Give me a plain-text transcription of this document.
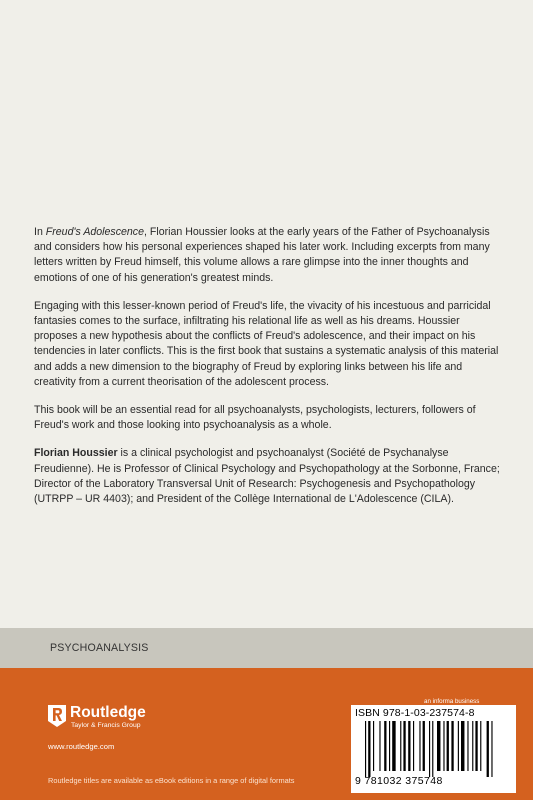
In Freud's Adolescence, Florian Houssier looks at the early years of the Father of Psychoanalysis and considers how his personal experiences shaped his later work. Including excerpts from many letters written by Freud himself, this volume allows a rare glimpse into the inner thoughts and emotions of one of his generation's greatest minds.

Engaging with this lesser-known period of Freud's life, the vivacity of his incestuous and parricidal fantasies comes to the surface, infiltrating his relational life as well as his dreams. Houssier proposes a new hypothesis about the conflicts of Freud's adolescence, and their impact on his tendencies in later conflicts. This is the first book that sustains a systematic analysis of this material and adds a new dimension to the biography of Freud by exploring links between his life and creativity from a current theorisation of the adolescent process.

This book will be an essential read for all psychoanalysts, psychologists, lecturers, followers of Freud's work and those looking into psychoanalysis as a whole.

Florian Houssier is a clinical psychologist and psychoanalyst (Société de Psychanalyse Freudienne). He is Professor of Clinical Psychology and Psychopathology at the Sorbonne, France; Director of the Laboratory Transversal Unit of Research: Psychogenesis and Psychopathology (UTRPP – UR 4403); and President of the Collège International de L'Adolescence (CILA).

PSYCHOANALYSIS
Routledge
Taylor & Francis Group
www.routledge.com
Routledge titles are available as eBook editions in a range of digital formats
an informa business
ISBN 978-1-03-237574-8
9 781032 375748
